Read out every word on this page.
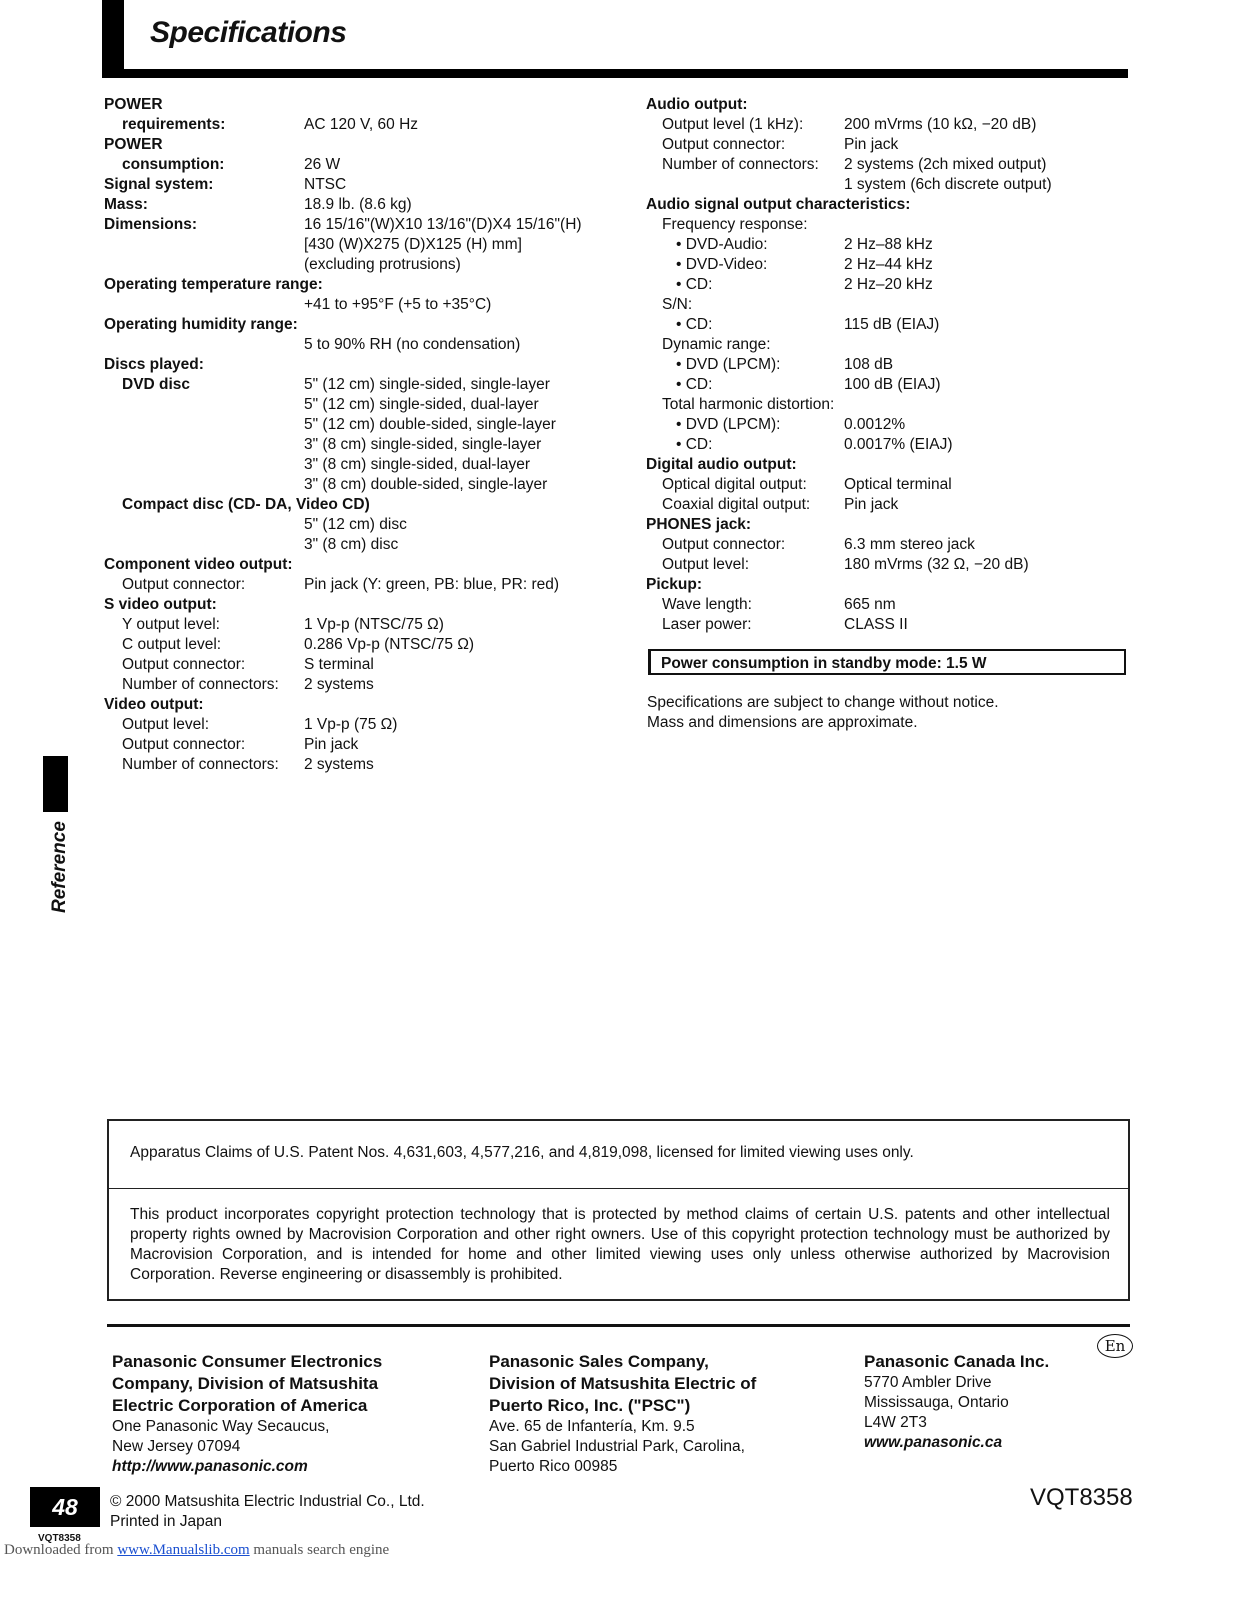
Specifications
POWER
requirements:	AC 120 V, 60 Hz
POWER
consumption:	26 W
Signal system:	NTSC
Mass:	18.9 lb. (8.6 kg)
Dimensions:	16 15/16"(W)X10 13/16"(D)X4 15/16"(H)
[430 (W)X275 (D)X125 (H) mm]
(excluding protrusions)
Operating temperature range:
+41 to +95°F (+5 to +35°C)
Operating humidity range:
5 to 90% RH (no condensation)
Discs played:
DVD disc	5" (12 cm) single-sided, single-layer
5" (12 cm) single-sided, dual-layer
5" (12 cm) double-sided, single-layer
3" (8 cm) single-sided, single-layer
3" (8 cm) single-sided, dual-layer
3" (8 cm) double-sided, single-layer
Compact disc (CD- DA, Video CD)
5" (12 cm) disc
3" (8 cm) disc
Component video output:
Output connector:	Pin jack (Y: green, PB: blue, PR: red)
S video output:
Y output level:	1 Vp-p (NTSC/75 Ω)
C output level:	0.286 Vp-p (NTSC/75 Ω)
Output connector:	S terminal
Number of connectors: 2 systems
Video output:
Output level:	1 Vp-p (75 Ω)
Output connector:	Pin jack
Number of connectors: 2 systems
Audio output:
Output level (1 kHz):	200 mVrms (10 kΩ, −20 dB)
Output connector:	Pin jack
Number of connectors: 2 systems (2ch mixed output)
1 system (6ch discrete output)
Audio signal output characteristics:
Frequency response:
• DVD-Audio:	2 Hz–88 kHz
• DVD-Video:	2 Hz–44 kHz
• CD:	2 Hz–20 kHz
S/N:
• CD:	115 dB (EIAJ)
Dynamic range:
• DVD (LPCM):	108 dB
• CD:	100 dB (EIAJ)
Total harmonic distortion:
• DVD (LPCM):	0.0012%
• CD:	0.0017% (EIAJ)
Digital audio output:
Optical digital output: Optical terminal
Coaxial digital output: Pin jack
PHONES jack:
Output connector:	6.3 mm stereo jack
Output level:	180 mVrms (32 Ω, −20 dB)
Pickup:
Wave length:	665 nm
Laser power:	CLASS II
Power consumption in standby mode: 1.5 W
Specifications are subject to change without notice.
Mass and dimensions are approximate.
Reference
Apparatus Claims of U.S. Patent Nos. 4,631,603, 4,577,216, and 4,819,098, licensed for limited viewing uses only.
This product incorporates copyright protection technology that is protected by method claims of certain U.S. patents and other intellectual property rights owned by Macrovision Corporation and other right owners. Use of this copyright protection technology must be authorized by Macrovision Corporation, and is intended for home and other limited viewing uses only unless otherwise authorized by Macrovision Corporation. Reverse engineering or disassembly is prohibited.
Panasonic Consumer Electronics
Company, Division of Matsushita
Electric Corporation of America
One Panasonic Way Secaucus,
New Jersey 07094
http://www.panasonic.com
Panasonic Sales Company,
Division of Matsushita Electric of
Puerto Rico, Inc. ("PSC")
Ave. 65 de Infantería, Km. 9.5
San Gabriel Industrial Park, Carolina,
Puerto Rico 00985
Panasonic Canada Inc.
5770 Ambler Drive
Mississauga, Ontario
L4W 2T3
www.panasonic.ca
En
48	© 2000 Matsushita Electric Industrial Co., Ltd.
Printed in Japan
VQT8358
VQT8358
Downloaded from www.Manualslib.com manuals search engine
